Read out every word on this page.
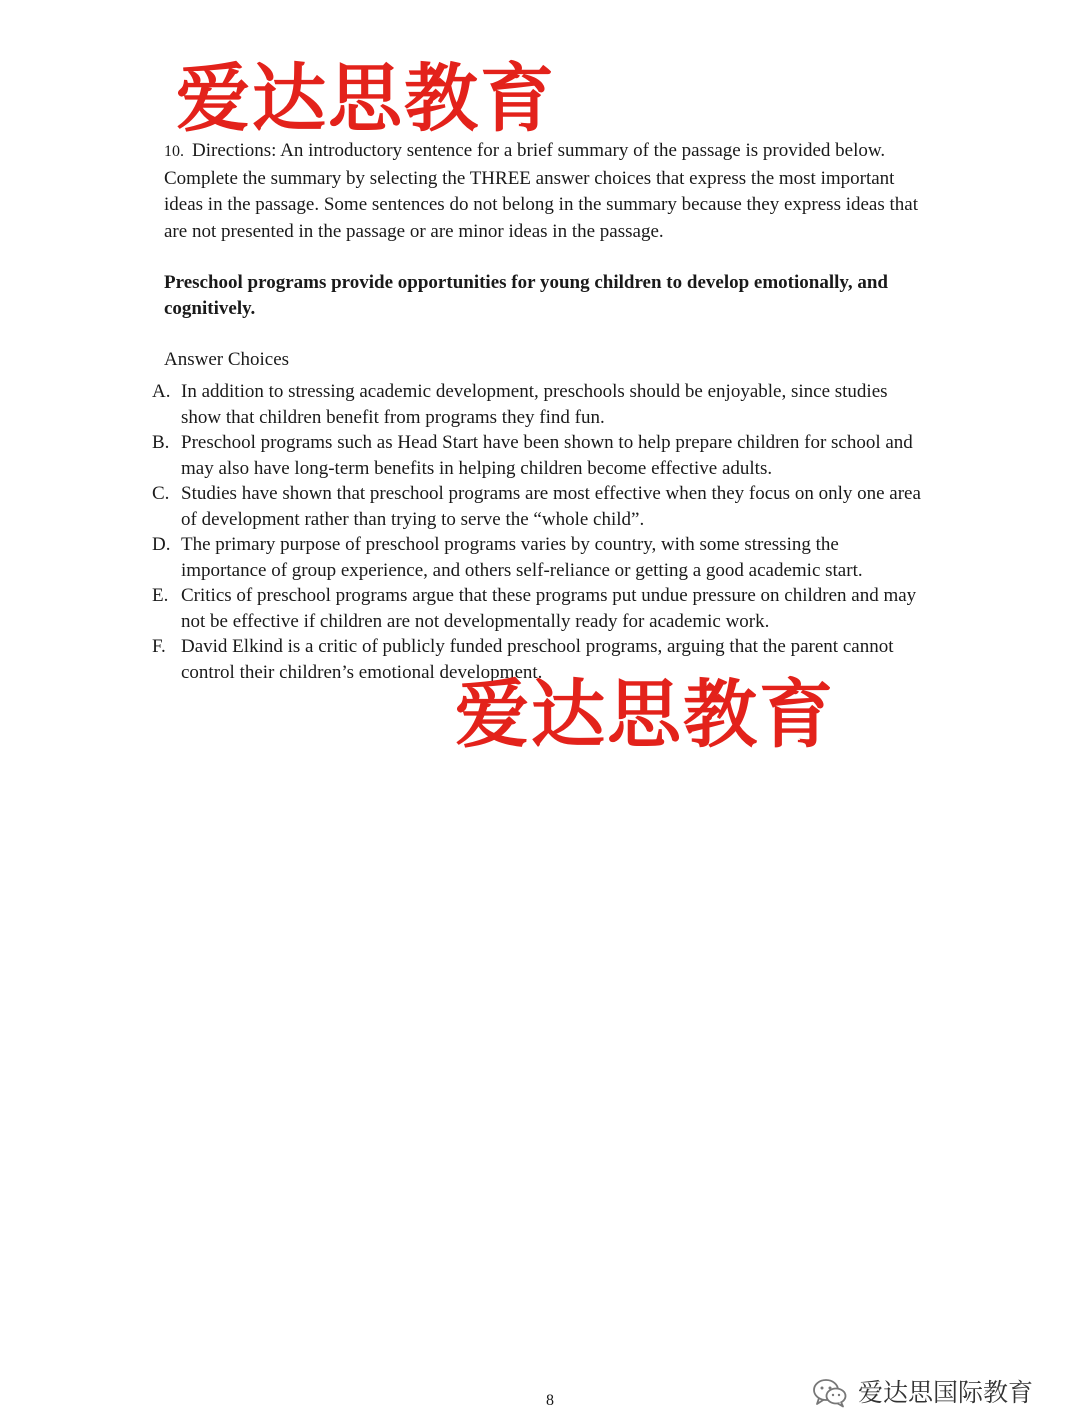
爱达思教育

10. Directions: An introductory sentence for a brief summary of the passage is provided below. Complete the summary by selecting the THREE answer choices that express the most important ideas in the passage. Some sentences do not belong in the summary because they express ideas that are not presented in the passage or are minor ideas in the passage.

Preschool programs provide opportunities for young children to develop emotionally, and cognitively.

Answer Choices

A. In addition to stressing academic development, preschools should be enjoyable, since studies show that children benefit from programs they find fun.
B. Preschool programs such as Head Start have been shown to help prepare children for school and may also have long-term benefits in helping children become effective adults.
C. Studies have shown that preschool programs are most effective when they focus on only one area of development rather than trying to serve the “whole child”.
D. The primary purpose of preschool programs varies by country, with some stressing the importance of group experience, and others self-reliance or getting a good academic start.
E. Critics of preschool programs argue that these programs put undue pressure on children and may not be effective if children are not developmentally ready for academic work.
F. David Elkind is a critic of publicly funded preschool programs, arguing that the parent cannot control their children’s emotional development.
爱达思教育
8	爱达思国际教育
